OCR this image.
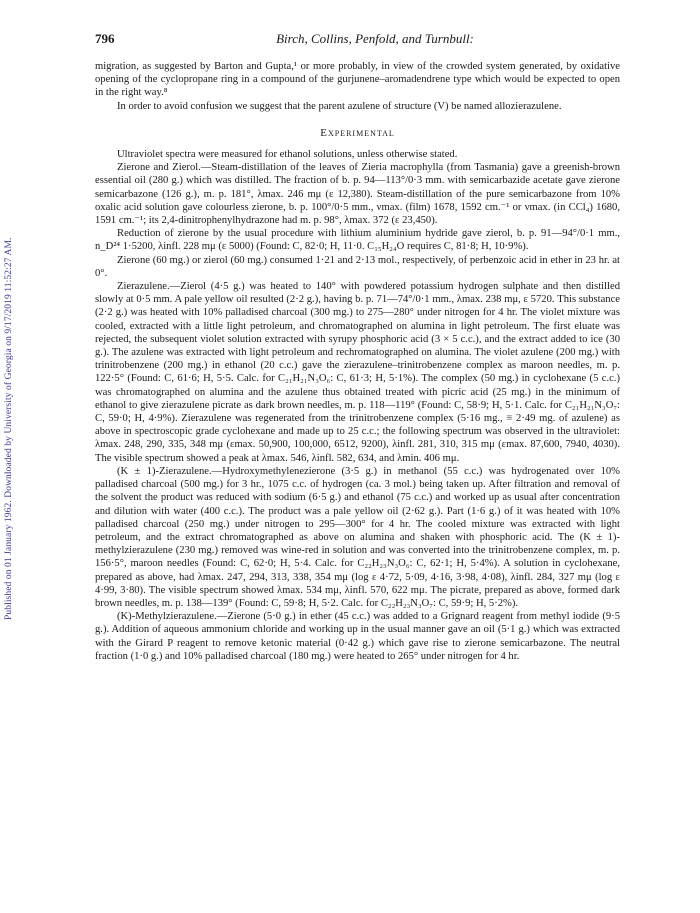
Published on 01 January 1962. Downloaded by University of Georgia on 9/17/2019 11:52:27 AM.
796	Birch, Collins, Penfold, and Turnbull:

migration, as suggested by Barton and Gupta,¹ or more probably, in view of the crowded system generated, by oxidative opening of the cyclopropane ring in a compound of the gurjunene–aromadendrene type which would be expected to open in the right way.⁸

In order to avoid confusion we suggest that the parent azulene of structure (V) be named allozierazulene.

Experimental

Ultraviolet spectra were measured for ethanol solutions, unless otherwise stated.

Zierone and Zierol.—Steam-distillation of the leaves of Zieria macrophylla (from Tasmania) gave a greenish-brown essential oil (280 g.) which was distilled. The fraction of b. p. 94—113°/0·3 mm. with semicarbazide acetate gave zierone semicarbazone (126 g.), m. p. 181°, λmax. 246 mμ (ε 12,380). Steam-distillation of the pure semicarbazone from 10% oxalic acid solution gave colourless zierone, b. p. 100°/0·5 mm., νmax. (film) 1678, 1592 cm.⁻¹ or νmax. (in CCl₄) 1680, 1591 cm.⁻¹; its 2,4-dinitrophenylhydrazone had m. p. 98°, λmax. 372 (ε 23,450).

Reduction of zierone by the usual procedure with lithium aluminium hydride gave zierol, b. p. 91—94°/0·1 mm., n_D²⁴ 1·5200, λinfl. 228 mμ (ε 5000) (Found: C, 82·0; H, 11·0. C₁₅H₂₄O requires C, 81·8; H, 10·9%).

Zierone (60 mg.) or zierol (60 mg.) consumed 1·21 and 2·13 mol., respectively, of perbenzoic acid in ether in 23 hr. at 0°.

Zierazulene.—Zierol (4·5 g.) was heated to 140° with powdered potassium hydrogen sulphate and then distilled slowly at 0·5 mm. A pale yellow oil resulted (2·2 g.), having b. p. 71—74°/0·1 mm., λmax. 238 mμ, ε 5720. This substance (2·2 g.) was heated with 10% palladised charcoal (300 mg.) to 275—280° under nitrogen for 4 hr. The violet mixture was cooled, extracted with a little light petroleum, and chromatographed on alumina in light petroleum. The first eluate was rejected, the subsequent violet solution extracted with syrupy phosphoric acid (3 × 5 c.c.), and the extract added to ice (30 g.). The azulene was extracted with light petroleum and rechromatographed on alumina. The violet azulene (200 mg.) with trinitrobenzene (200 mg.) in ethanol (20 c.c.) gave the zierazulene–trinitrobenzene complex as maroon needles, m. p. 122·5° (Found: C, 61·6; H, 5·5. Calc. for C₂₁H₂₁N₃O₆: C, 61·3; H, 5·1%). The complex (50 mg.) in cyclohexane (5 c.c.) was chromatographed on alumina and the azulene thus obtained treated with picric acid (25 mg.) in the minimum of ethanol to give zierazulene picrate as dark brown needles, m. p. 118—119° (Found: C, 58·9; H, 5·1. Calc. for C₂₁H₂₁N₃O₇: C, 59·0; H, 4·9%). Zierazulene was regenerated from the trinitrobenzene complex (5·16 mg., ≡ 2·49 mg. of azulene) as above in spectroscopic grade cyclohexane and made up to 25 c.c.; the following spectrum was observed in the ultraviolet: λmax. 248, 290, 335, 348 mμ (εmax. 50,900, 100,000, 6512, 9200), λinfl. 281, 310, 315 mμ (εmax. 87,600, 7940, 4030). The visible spectrum showed a peak at λmax. 546, λinfl. 582, 634, and λmin. 406 mμ.

(K ± 1)-Zierazulene.—Hydroxymethylenezierone (3·5 g.) in methanol (55 c.c.) was hydrogenated over 10% palladised charcoal (500 mg.) for 3 hr., 1075 c.c. of hydrogen (ca. 3 mol.) being taken up. After filtration and removal of the solvent the product was reduced with sodium (6·5 g.) and ethanol (75 c.c.) and worked up as usual after concentration and dilution with water (400 c.c.). The product was a pale yellow oil (2·62 g.). Part (1·6 g.) of it was heated with 10% palladised charcoal (250 mg.) under nitrogen to 295—300° for 4 hr. The cooled mixture was extracted with light petroleum, and the extract chromatographed as above on alumina and shaken with phosphoric acid. The (K ± 1)-methylzierazulene (230 mg.) removed was wine-red in solution and was converted into the trinitrobenzene complex, m. p. 156·5°, maroon needles (Found: C, 62·0; H, 5·4. Calc. for C₂₂H₂₃N₃O₆: C, 62·1; H, 5·4%). A solution in cyclohexane, prepared as above, had λmax. 247, 294, 313, 338, 354 mμ (log ε 4·72, 5·09, 4·16, 3·98, 4·08), λinfl. 284, 327 mμ (log ε 4·99, 3·80). The visible spectrum showed λmax. 534 mμ, λinfl. 570, 622 mμ. The picrate, prepared as above, formed dark brown needles, m. p. 138—139° (Found: C, 59·8; H, 5·2. Calc. for C₂₂H₂₃N₃O₇: C, 59·9; H, 5·2%).

(K)-Methylzierazulene.—Zierone (5·0 g.) in ether (45 c.c.) was added to a Grignard reagent from methyl iodide (9·5 g.). Addition of aqueous ammonium chloride and working up in the usual manner gave an oil (5·1 g.) which was extracted with the Girard P reagent to remove ketonic material (0·42 g.) which gave rise to zierone semicarbazone. The neutral fraction (1·0 g.) and 10% palladised charcoal (180 mg.) were heated to 265° under nitrogen for 4 hr.
